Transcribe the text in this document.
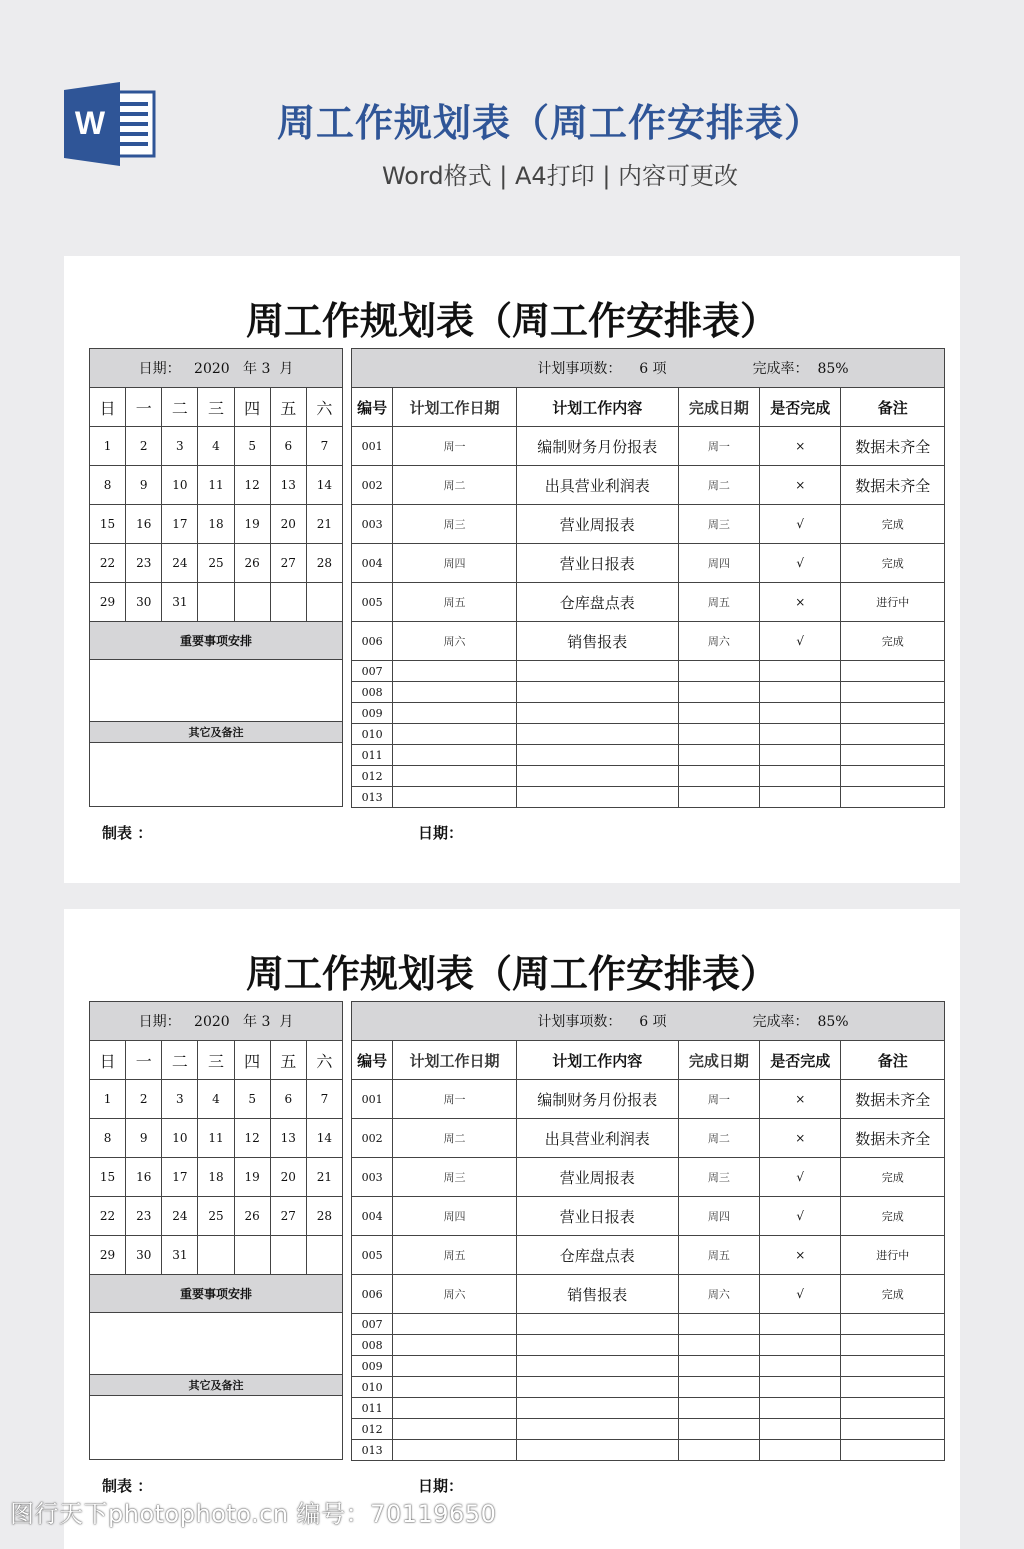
W	周工作规划表（周工作安排表）
Word格式 | A4打印 | 内容可更改
周工作规划表（周工作安排表）
日期： 2020 年 3 月						
日	一	二	三	四	五	六
1	2	3	4	5	6	7
8	9	10	11	12	13	14
15	16	17	18	19	20	21
22	23	24	25	26	27	28
29	30	31				
重要事项安排						

其它及备注						

计划事项数： 6 项 完成率： 85%					
编号	计划工作日期	计划工作内容	完成日期	是否完成	备注
001	周一	编制财务月份报表	周一	×	数据未齐全
002	周二	出具营业利润表	周二	×	数据未齐全
003	周三	营业周报表	周三	√	完成
004	周四	营业日报表	周四	√	完成
005	周五	仓库盘点表	周五	×	进行中
006	周六	销售报表	周六	√	完成
007					
008					
009					
010					
011					
012					
013					
制表 ：	日期：
周工作规划表（周工作安排表）
日期： 2020 年 3 月						
日	一	二	三	四	五	六
1	2	3	4	5	6	7
8	9	10	11	12	13	14
15	16	17	18	19	20	21
22	23	24	25	26	27	28
29	30	31				
重要事项安排						

其它及备注						

计划事项数： 6 项 完成率： 85%					
编号	计划工作日期	计划工作内容	完成日期	是否完成	备注
001	周一	编制财务月份报表	周一	×	数据未齐全
002	周二	出具营业利润表	周二	×	数据未齐全
003	周三	营业周报表	周三	√	完成
004	周四	营业日报表	周四	√	完成
005	周五	仓库盘点表	周五	×	进行中
006	周六	销售报表	周六	√	完成
007					
008					
009					
010					
011					
012					
013					
制表 ：	日期：
图行天下photophoto.cn 编号：70119650
